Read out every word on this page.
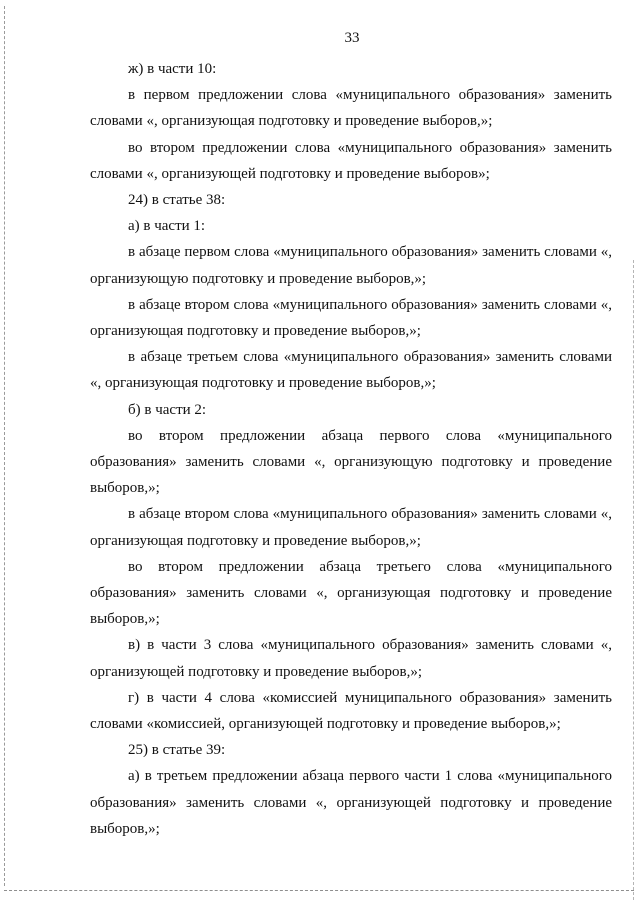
33

ж) в части 10:

в первом предложении слова «муниципального образования» заменить словами «, организующая подготовку и проведение выборов,»;

во втором предложении слова «муниципального образования» заменить словами «, организующей подготовку и проведение выборов»;

24) в статье 38:

а) в части 1:

в абзаце первом слова «муниципального образования» заменить словами «, организующую подготовку и проведение выборов,»;

в абзаце втором слова «муниципального образования» заменить словами «, организующая подготовку и проведение выборов,»;

в абзаце третьем слова «муниципального образования» заменить словами «, организующая подготовку и проведение выборов,»;

б) в части 2:

во втором предложении абзаца первого слова «муниципального образования» заменить словами «, организующую подготовку и проведение выборов,»;

в абзаце втором слова «муниципального образования» заменить словами «, организующая подготовку и проведение выборов,»;

во втором предложении абзаца третьего слова «муниципального образования» заменить словами «, организующая подготовку и проведение выборов,»;

в) в части 3 слова «муниципального образования» заменить словами «, организующей подготовку и проведение выборов,»;

г) в части 4 слова «комиссией муниципального образования» заменить словами «комиссией, организующей подготовку и проведение выборов,»;

25) в статье 39:

а) в третьем предложении абзаца первого части 1 слова «муниципального образования» заменить словами «, организующей подготовку и проведение выборов,»;
